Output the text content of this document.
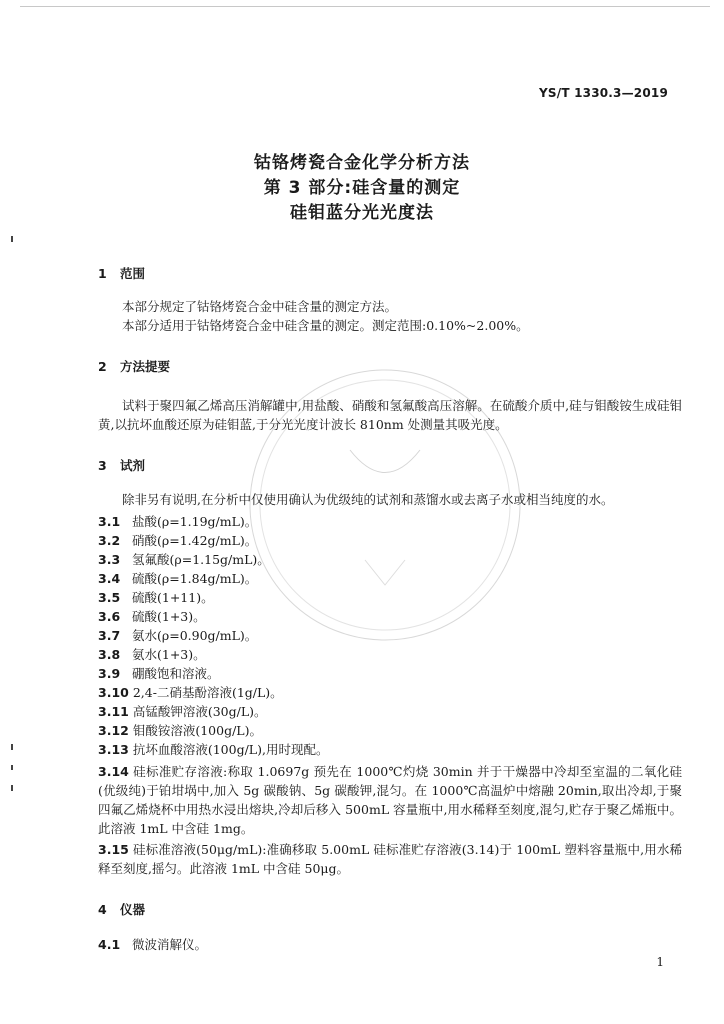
YS/T 1330.3—2019
钴铬烤瓷合金化学分析方法
第 3 部分:硅含量的测定
硅钼蓝分光光度法
1 范围
本部分规定了钴铬烤瓷合金中硅含量的测定方法。
本部分适用于钴铬烤瓷合金中硅含量的测定。测定范围:0.10%~2.00%。
2 方法提要
试料于聚四氟乙烯高压消解罐中,用盐酸、硝酸和氢氟酸高压溶解。在硫酸介质中,硅与钼酸铵生成硅钼黄,以抗坏血酸还原为硅钼蓝,于分光光度计波长 810nm 处测量其吸光度。
3 试剂
除非另有说明,在分析中仅使用确认为优级纯的试剂和蒸馏水或去离子水或相当纯度的水。
3.1 盐酸(ρ=1.19g/mL)。
3.2 硝酸(ρ=1.42g/mL)。
3.3 氢氟酸(ρ=1.15g/mL)。
3.4 硫酸(ρ=1.84g/mL)。
3.5 硫酸(1+11)。
3.6 硫酸(1+3)。
3.7 氨水(ρ=0.90g/mL)。
3.8 氨水(1+3)。
3.9 硼酸饱和溶液。
3.10 2,4-二硝基酚溶液(1g/L)。
3.11 高锰酸钾溶液(30g/L)。
3.12 钼酸铵溶液(100g/L)。
3.13 抗坏血酸溶液(100g/L),用时现配。
3.14 硅标准贮存溶液:称取 1.0697g 预先在 1000℃灼烧 30min 并于干燥器中冷却至室温的二氧化硅(优级纯)于铂坩埚中,加入 5g 碳酸钠、5g 碳酸钾,混匀。在 1000℃高温炉中熔融 20min,取出冷却,于聚四氟乙烯烧杯中用热水浸出熔块,冷却后移入 500mL 容量瓶中,用水稀释至刻度,混匀,贮存于聚乙烯瓶中。此溶液 1mL 中含硅 1mg。
3.15 硅标准溶液(50μg/mL):准确移取 5.00mL 硅标准贮存溶液(3.14)于 100mL 塑料容量瓶中,用水稀释至刻度,摇匀。此溶液 1mL 中含硅 50μg。
4 仪器
4.1 微波消解仪。
1
